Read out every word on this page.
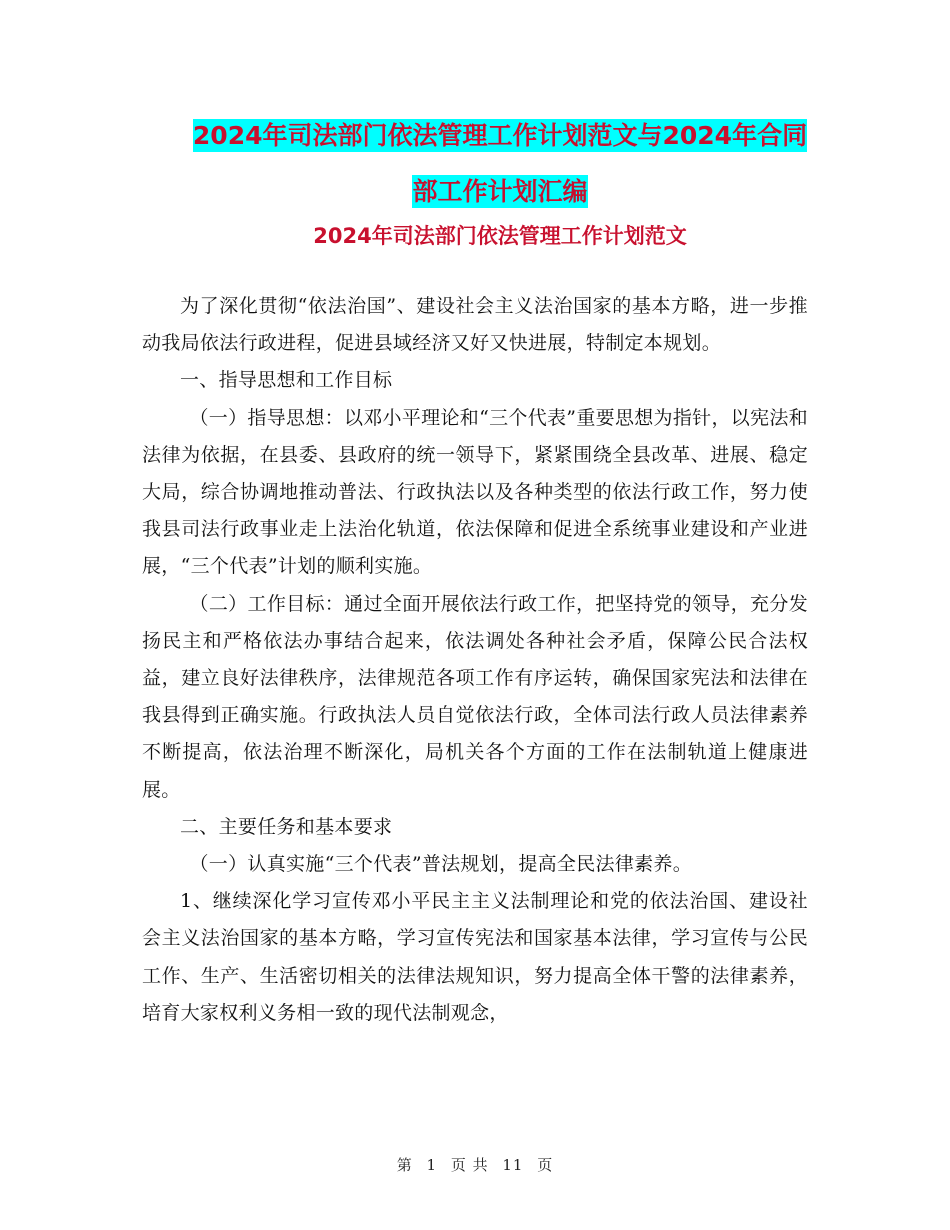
2024年司法部门依法管理工作计划范文与2024年合同
部工作计划汇编
2024年司法部门依法管理工作计划范文

为了深化贯彻“依法治国”、建设社会主义法治国家的基本方略，进一步推动我局依法行政进程，促进县域经济又好又快进展，特制定本规划。

一、指导思想和工作目标

（一）指导思想：以邓小平理论和“三个代表”重要思想为指针，以宪法和法律为依据，在县委、县政府的统一领导下，紧紧围绕全县改革、进展、稳定大局，综合协调地推动普法、行政执法以及各种类型的依法行政工作，努力使我县司法行政事业走上法治化轨道，依法保障和促进全系统事业建设和产业进展，“三个代表”计划的顺利实施。

（二）工作目标：通过全面开展依法行政工作，把坚持党的领导，充分发扬民主和严格依法办事结合起来，依法调处各种社会矛盾，保障公民合法权益，建立良好法律秩序，法律规范各项工作有序运转，确保国家宪法和法律在我县得到正确实施。行政执法人员自觉依法行政，全体司法行政人员法律素养不断提高，依法治理不断深化，局机关各个方面的工作在法制轨道上健康进展。

二、主要任务和基本要求

（一）认真实施“三个代表”普法规划，提高全民法律素养。

1、继续深化学习宣传邓小平民主主义法制理论和党的依法治国、建设社会主义法治国家的基本方略，学习宣传宪法和国家基本法律，学习宣传与公民工作、生产、生活密切相关的法律法规知识，努力提高全体干警的法律素养，培育大家权利义务相一致的现代法制观念，

第 1 页 共 11 页
